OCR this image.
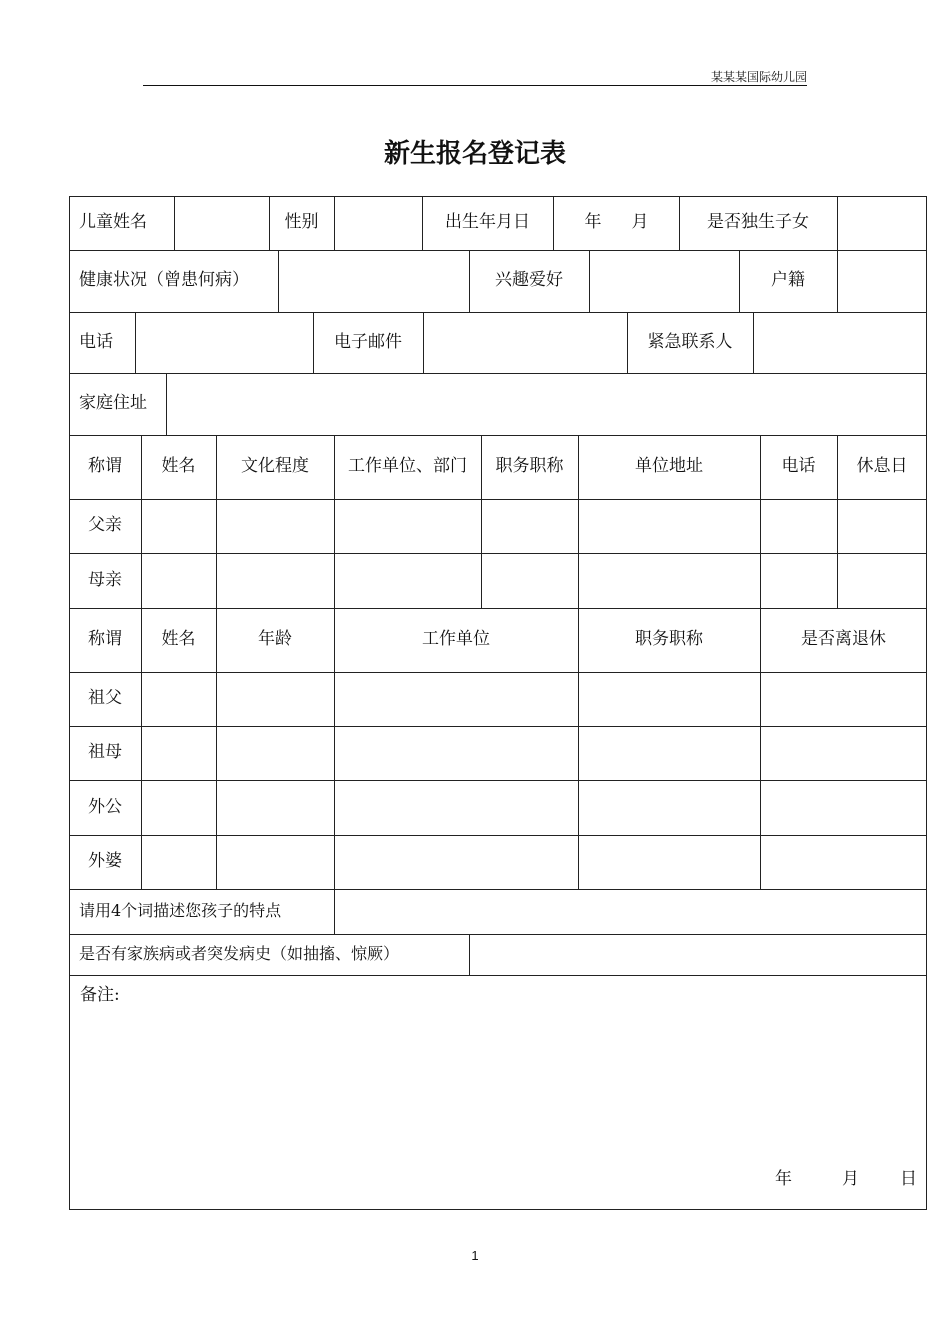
某某某国际幼儿园
新生报名登记表
儿童姓名	性别	出生年月日	年 月	是否独生子女
健康状况（曾患何病）	兴趣爱好	户籍
电话	电子邮件	紧急联系人
家庭住址
称谓	姓名	文化程度	工作单位、部门	职务职称	单位地址	电话	休息日
父亲
母亲
称谓	姓名	年龄	工作单位	职务职称	是否离退休
祖父
祖母
外公
外婆
请用4个词描述您孩子的特点
是否有家族病或者突发病史（如抽搐、惊厥）
备注:
年	月 日
1
